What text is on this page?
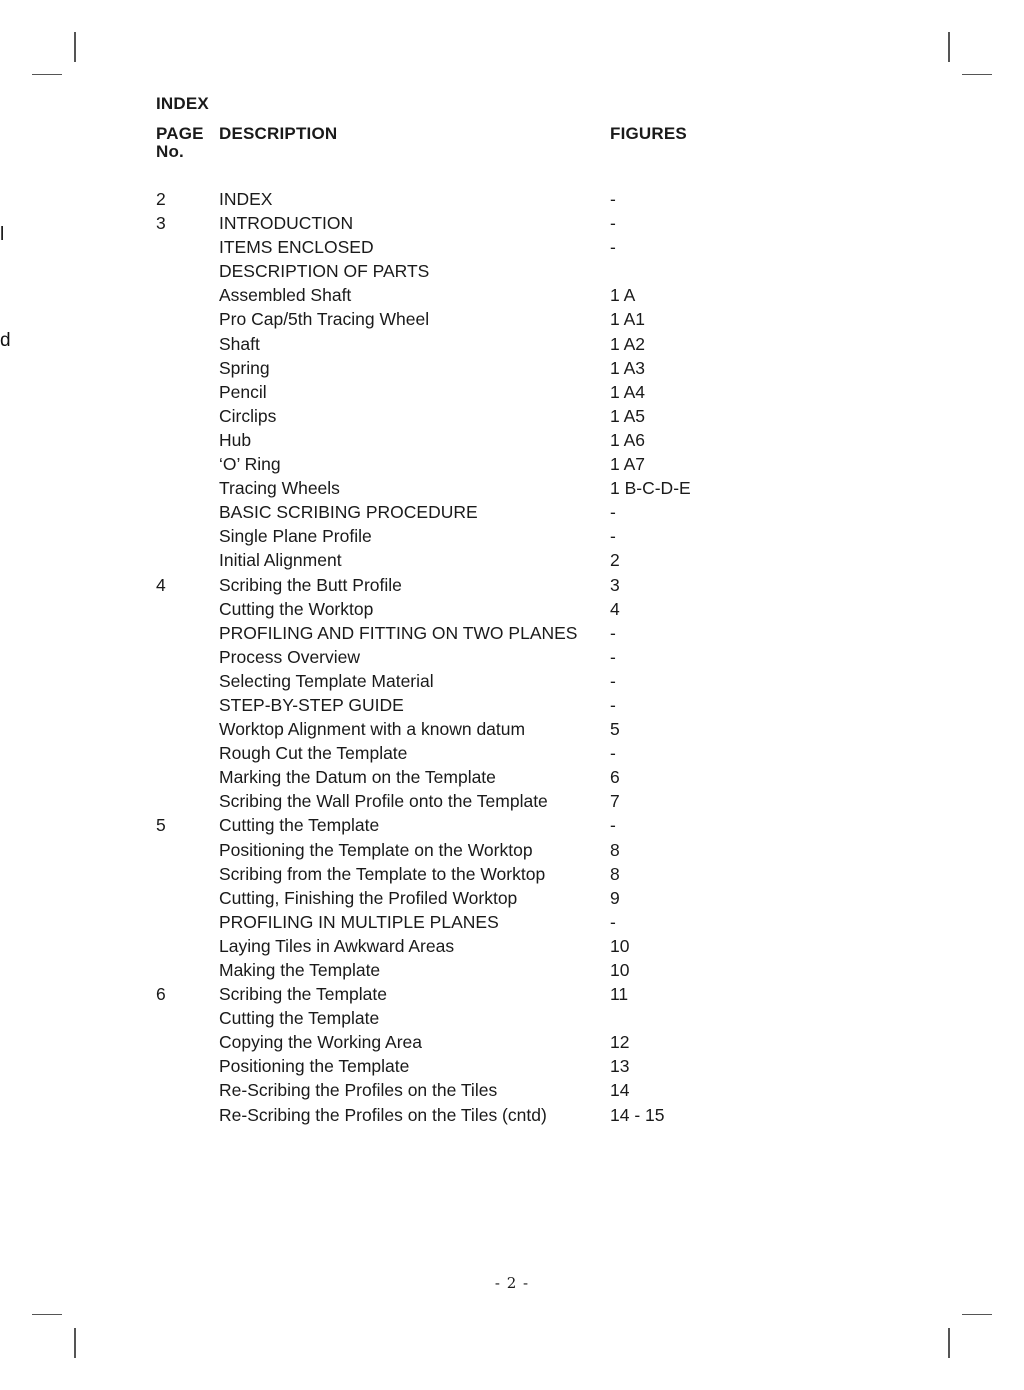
l
d
INDEX
PAGE
No.
DESCRIPTION	FIGURES
2	INDEX	-
3	INTRODUCTION	-
ITEMS ENCLOSED	-
DESCRIPTION OF PARTS
Assembled Shaft	1 A
Pro Cap/5th Tracing Wheel	1 A1
Shaft	1 A2
Spring	1 A3
Pencil	1 A4
Circlips	1 A5
Hub	1 A6
‘O’ Ring	1 A7
Tracing Wheels	1 B-C-D-E
BASIC SCRIBING PROCEDURE	-
Single Plane Profile	-
Initial Alignment	2
4	Scribing the Butt Profile	3
Cutting the Worktop	4
PROFILING AND FITTING ON TWO PLANES -
Process Overview	-
Selecting Template Material	-
STEP-BY-STEP GUIDE	-
Worktop Alignment with a known datum	5
Rough Cut the Template	-
Marking the Datum on the Template	6
Scribing the Wall Profile onto the Template	7
5	Cutting the Template	-
Positioning the Template on the Worktop	8
Scribing from the Template to the Worktop	8
Cutting, Finishing the Profiled Worktop	9
PROFILING IN MULTIPLE PLANES	-
Laying Tiles in Awkward Areas	10
Making the Template	10
6	Scribing the Template	11
Cutting the Template
Copying the Working Area	12
Positioning the Template	13
Re-Scribing the Profiles on the Tiles	14
Re-Scribing the Profiles on the Tiles (cntd)	14 - 15
- 2 -
